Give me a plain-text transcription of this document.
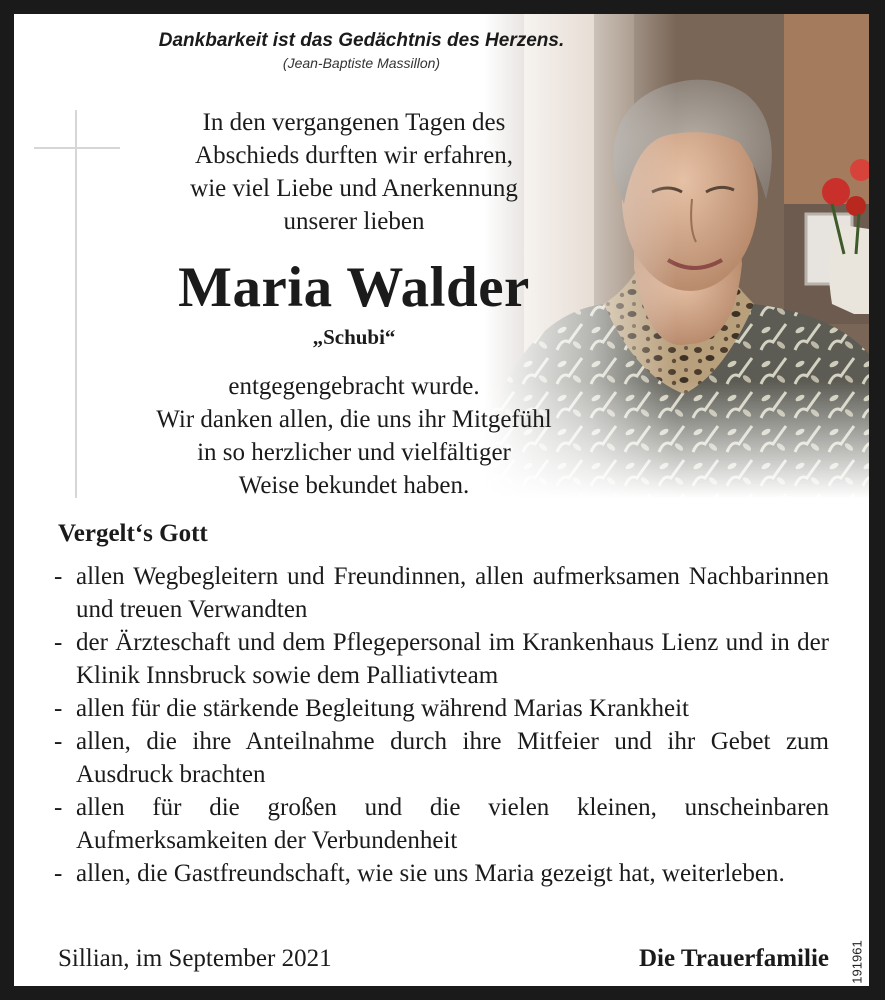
Dankbarkeit ist das Gedächtnis des Herzens.
(Jean-Baptiste Massillon)
In den vergangenen Tagen des
Abschieds durften wir erfahren,
wie viel Liebe und Anerkennung
unserer lieben
Maria Walder
„Schubi“
entgegengebracht wurde.
Wir danken allen, die uns ihr Mitgefühl
in so herzlicher und vielfältiger
Weise bekundet haben.
Vergelt‘s Gott
- allen Wegbegleitern und Freundinnen, allen aufmerksamen Nachbarinnen und treuen Verwandten
- der Ärzteschaft und dem Pflegepersonal im Krankenhaus Lienz und in der Klinik Innsbruck sowie dem Palliativteam
- allen für die stärkende Begleitung während Marias Krankheit
- allen, die ihre Anteilnahme durch ihre Mitfeier und ihr Gebet zum Ausdruck brachten
- allen für die großen und die vielen kleinen, unscheinbaren Aufmerksamkeiten der Verbundenheit
- allen, die Gastfreundschaft, wie sie uns Maria gezeigt hat, weiterleben.
Sillian, im September 2021	Die Trauerfamilie 191961
